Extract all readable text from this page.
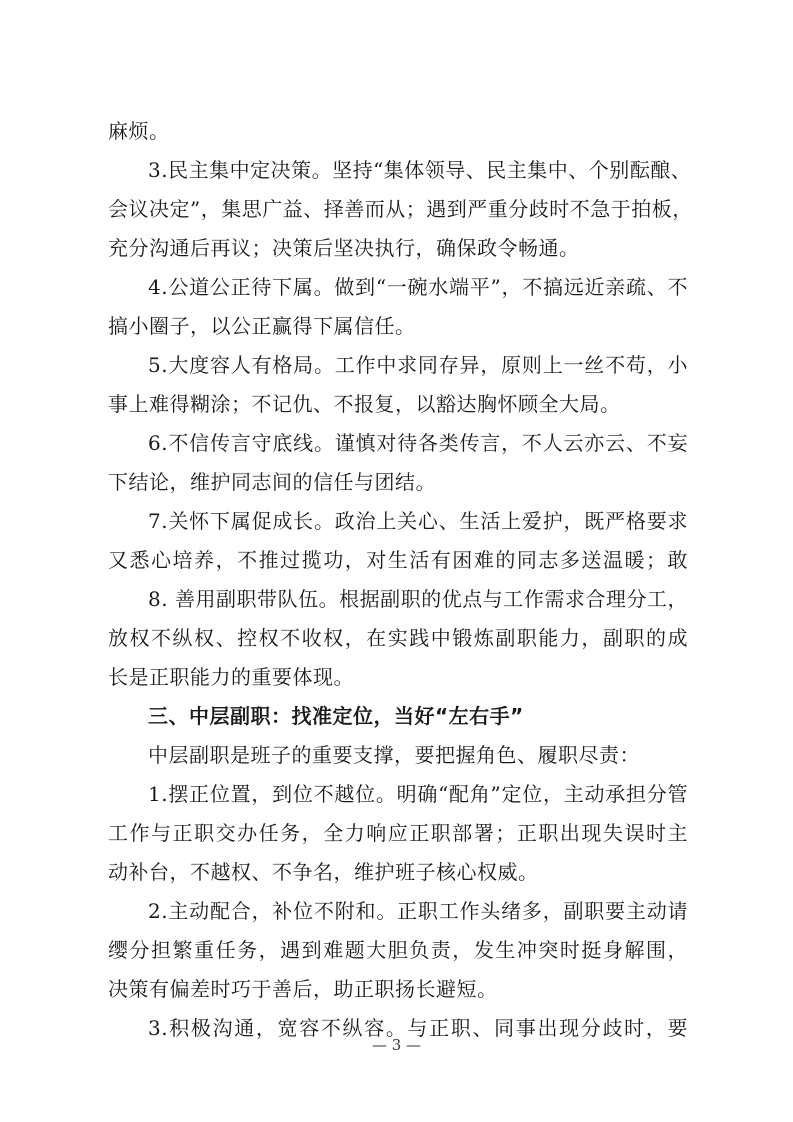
麻烦。
3.民主集中定决策。坚持“集体领导、民主集中、个别酝酿、
会议决定”，集思广益、择善而从；遇到严重分歧时不急于拍板，
充分沟通后再议；决策后坚决执行，确保政令畅通。
4.公道公正待下属。做到“一碗水端平”，不搞远近亲疏、不
搞小圈子，以公正赢得下属信任。
5.大度容人有格局。工作中求同存异，原则上一丝不苟，小
事上难得糊涂；不记仇、不报复，以豁达胸怀顾全大局。
6.不信传言守底线。谨慎对待各类传言，不人云亦云、不妄
下结论，维护同志间的信任与团结。
7.关怀下属促成长。政治上关心、生活上爱护，既严格要求
又悉心培养，不推过揽功，对生活有困难的同志多送温暖；敢
8. 善用副职带队伍。根据副职的优点与工作需求合理分工，
放权不纵权、控权不收权，在实践中锻炼副职能力，副职的成
长是正职能力的重要体现。
三、中层副职：找准定位，当好“左右手”
中层副职是班子的重要支撑，要把握角色、履职尽责：
1.摆正位置，到位不越位。明确“配角”定位，主动承担分管
工作与正职交办任务，全力响应正职部署；正职出现失误时主
动补台，不越权、不争名，维护班子核心权威。
2.主动配合，补位不附和。正职工作头绪多，副职要主动请
缨分担繁重任务，遇到难题大胆负责，发生冲突时挺身解围，
决策有偏差时巧于善后，助正职扬长避短。
3.积极沟通，宽容不纵容。与正职、同事出现分歧时，要
— 3 —
